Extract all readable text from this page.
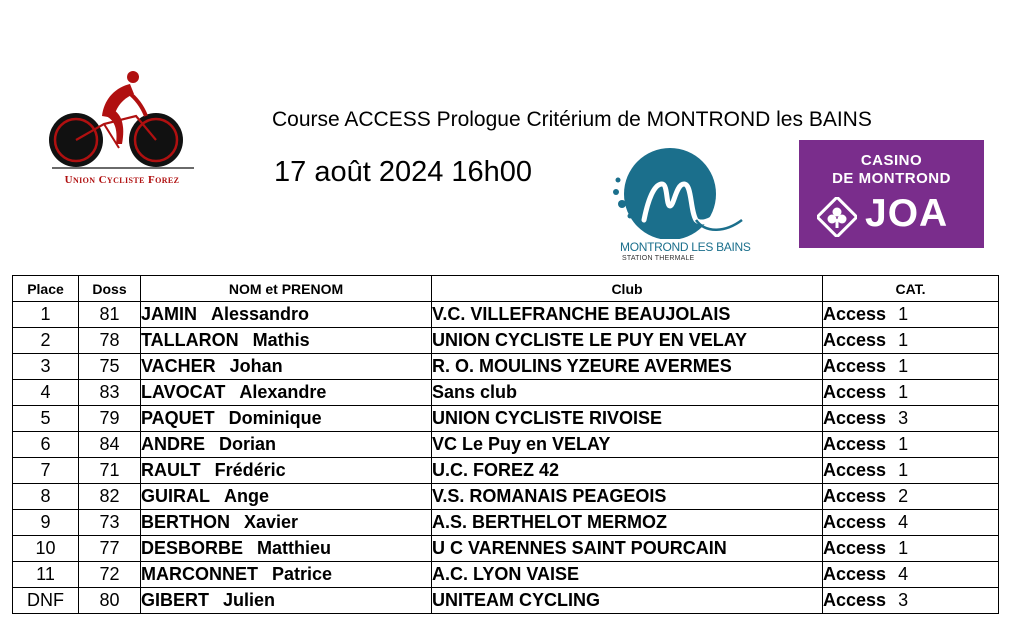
Union Cycliste Forez
Course ACCESS Prologue Critérium de MONTROND les BAINS
17 août 2024 16h00
MONTROND LES BAINS
STATION THERMALE
CASINO
DE MONTROND
JOA
Place	Doss	NOM et PRENOM	Club	CAT.
1	81	JAMIN Alessandro	V.C. VILLEFRANCHE BEAUJOLAIS	Access 1
2	78	TALLARON Mathis	UNION CYCLISTE LE PUY EN VELAY	Access 1
3	75	VACHER Johan	R. O. MOULINS YZEURE AVERMES	Access 1
4	83	LAVOCAT Alexandre	Sans club	Access 1
5	79	PAQUET Dominique	UNION CYCLISTE RIVOISE	Access 3
6	84	ANDRE Dorian	VC Le Puy en VELAY	Access 1
7	71	RAULT Frédéric	U.C. FOREZ 42	Access 1
8	82	GUIRAL Ange	V.S. ROMANAIS PEAGEOIS	Access 2
9	73	BERTHON Xavier	A.S. BERTHELOT MERMOZ	Access 4
10	77	DESBORBE Matthieu	U C VARENNES SAINT POURCAIN	Access 1
11	72	MARCONNET Patrice	A.C. LYON VAISE	Access 4
DNF	80	GIBERT Julien	UNITEAM CYCLING	Access 3
